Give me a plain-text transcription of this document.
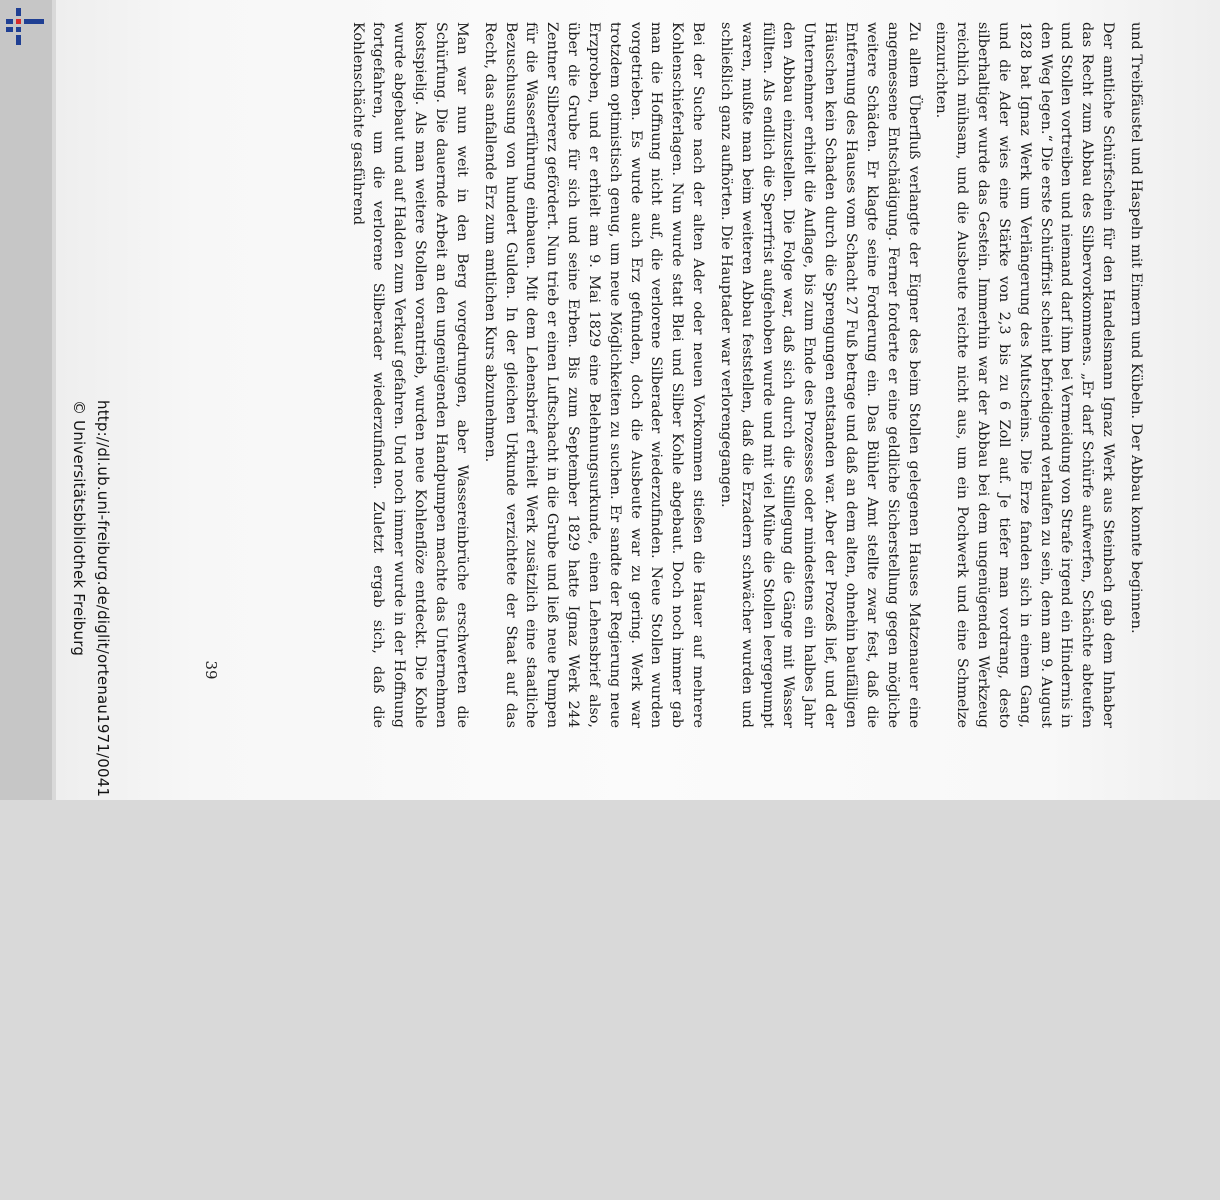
und Treibfäustel und Haspeln mit Eimern und Kübeln. Der Abbau konnte beginnen.

Der amtliche Schürfschein für den Handelsmann Ignaz Werk aus Steinbach gab dem Inhaber das Recht zum Abbau des Silbervorkommens. „Er darf Schürfe aufwerfen, Schächte abteufen und Stollen vortreiben und niemand darf ihm bei Vermeidung von Strafe irgend ein Hindernis in den Weg legen.“ Die erste Schürffrist scheint befriedigend verlaufen zu sein, denn am 9. August 1828 bat Ignaz Werk um Verlängerung des Mutscheins. Die Erze fanden sich in einem Gang, und die Ader wies eine Stärke von 2,3 bis zu 6 Zoll auf. Je tiefer man vordrang, desto silberhaltiger wurde das Gestein. Immerhin war der Abbau bei dem ungenügenden Werkzeug reichlich mühsam, und die Ausbeute reichte nicht aus, um ein Pochwerk und eine Schmelze einzurichten.

Zu allem Überfluß verlangte der Eigner des beim Stollen gelegenen Hauses Matzenauer eine angemessene Entschädigung. Ferner forderte er eine geldliche Sicherstellung gegen mögliche weitere Schäden. Er klagte seine Forderung ein. Das Bühler Amt stellte zwar fest, daß die Entfernung des Hauses vom Schacht 27 Fuß betrage und daß an dem alten, ohnehin baufälligen Häuschen kein Schaden durch die Sprengungen entstanden war. Aber der Prozeß lief, und der Unternehmer erhielt die Auflage, bis zum Ende des Prozesses oder mindestens ein halbes Jahr den Abbau einzustellen. Die Folge war, daß sich durch die Stilllegung die Gänge mit Wasser füllten. Als endlich die Sperrfrist aufgehoben wurde und mit viel Mühe die Stollen leergepumpt waren, mußte man beim weiteren Abbau feststellen, daß die Erzadern schwächer wurden und schließlich ganz aufhörten. Die Hauptader war verlorengegangen.

Bei der Suche nach der alten Ader oder neuen Vorkommen stießen die Hauer auf mehrere Kohlenschieferlagen. Nun wurde statt Blei und Silber Kohle abgebaut. Doch noch immer gab man die Hoffnung nicht auf, die verlorene Silberader wiederzufinden. Neue Stollen wurden vorgetrieben. Es wurde auch Erz gefunden, doch die Ausbeute war zu gering. Werk war trotzdem optimistisch genug, um neue Möglichkeiten zu suchen. Er sandte der Regierung neue Erzproben, und er erhielt am 9. Mai 1829 eine Belehnungsurkunde, einen Lehensbrief also, über die Grube für sich und seine Erben. Bis zum September 1829 hatte Ignaz Werk 244 Zentner Silbererz gefördert. Nun trieb er einen Luftschacht in die Grube und ließ neue Pumpen für die Wasserführung einbauen. Mit dem Lehensbrief erhielt Werk zusätzlich eine staatliche Bezuschussung von hundert Gulden. In der gleichen Urkunde verzichtete der Staat auf das Recht, das anfallende Erz zum amtlichen Kurs abzunehmen.

Man war nun weit in den Berg vorgedrungen, aber Wassereinbrüche erschwerten die Schürfung. Die dauernde Arbeit an den ungenügenden Handpumpen machte das Unternehmen kostspielig. Als man weitere Stollen vorantrieb, wurden neue Kohlenflöze entdeckt. Die Kohle wurde abgebaut und auf Halden zum Verkauf gefahren. Und noch immer wurde in der Hoffnung fortgefahren, um die verlorene Silberader wiederzufinden. Zuletzt ergab sich, daß die Kohlenschächte gasführend

39
http://dl.ub.uni-freiburg.de/diglit/ortenau1971/0041
© Universitätsbibliothek Freiburg
